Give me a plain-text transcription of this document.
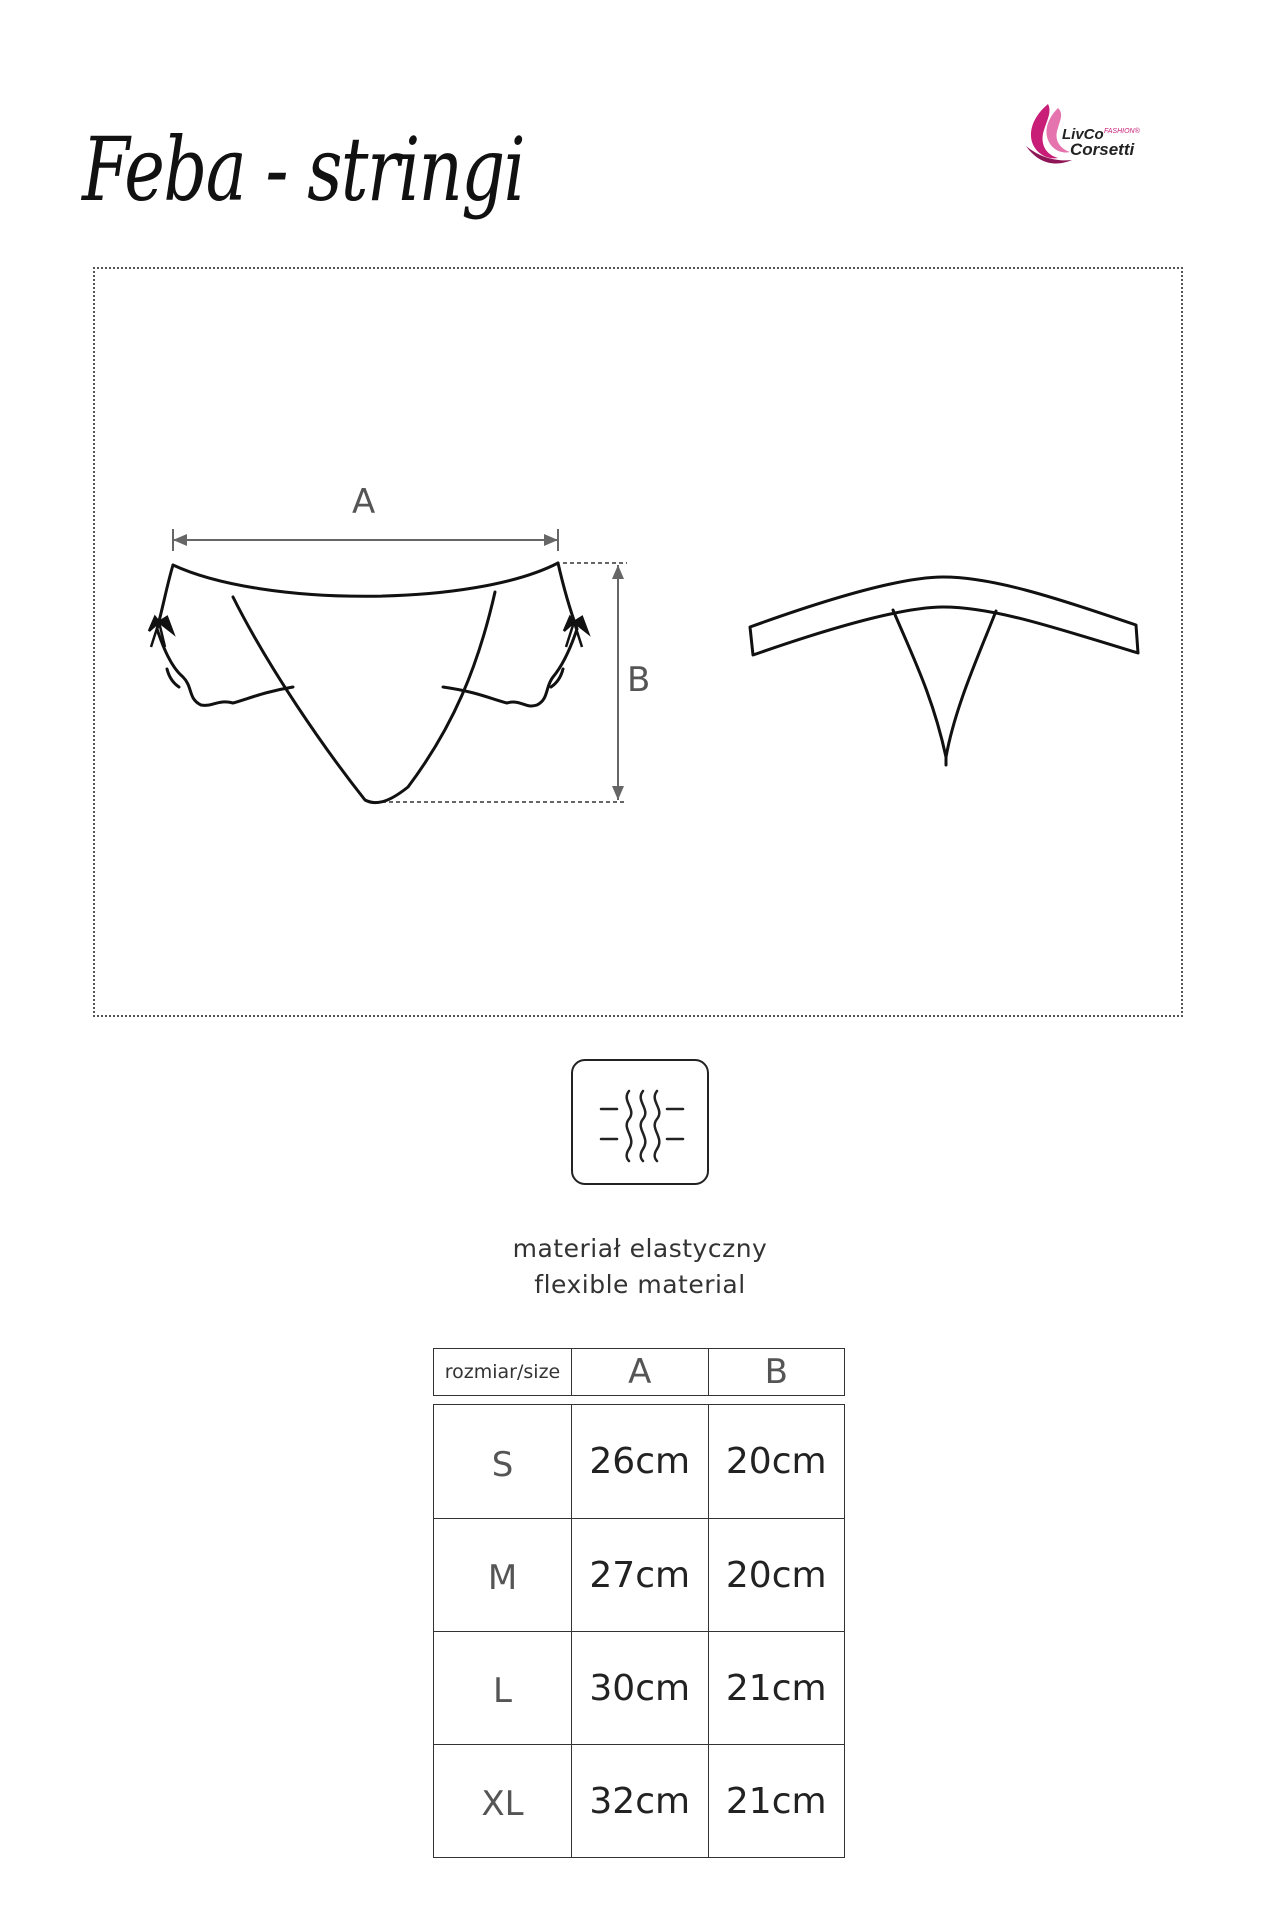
Feba - stringi	LivCo FASHION®
Corsetti
A
B
materiał elastyczny
flexible material
rozmiar/size	A	B
S	26cm 20cm
M	27cm 20cm
L	30cm 21cm
XL	32cm 21cm
